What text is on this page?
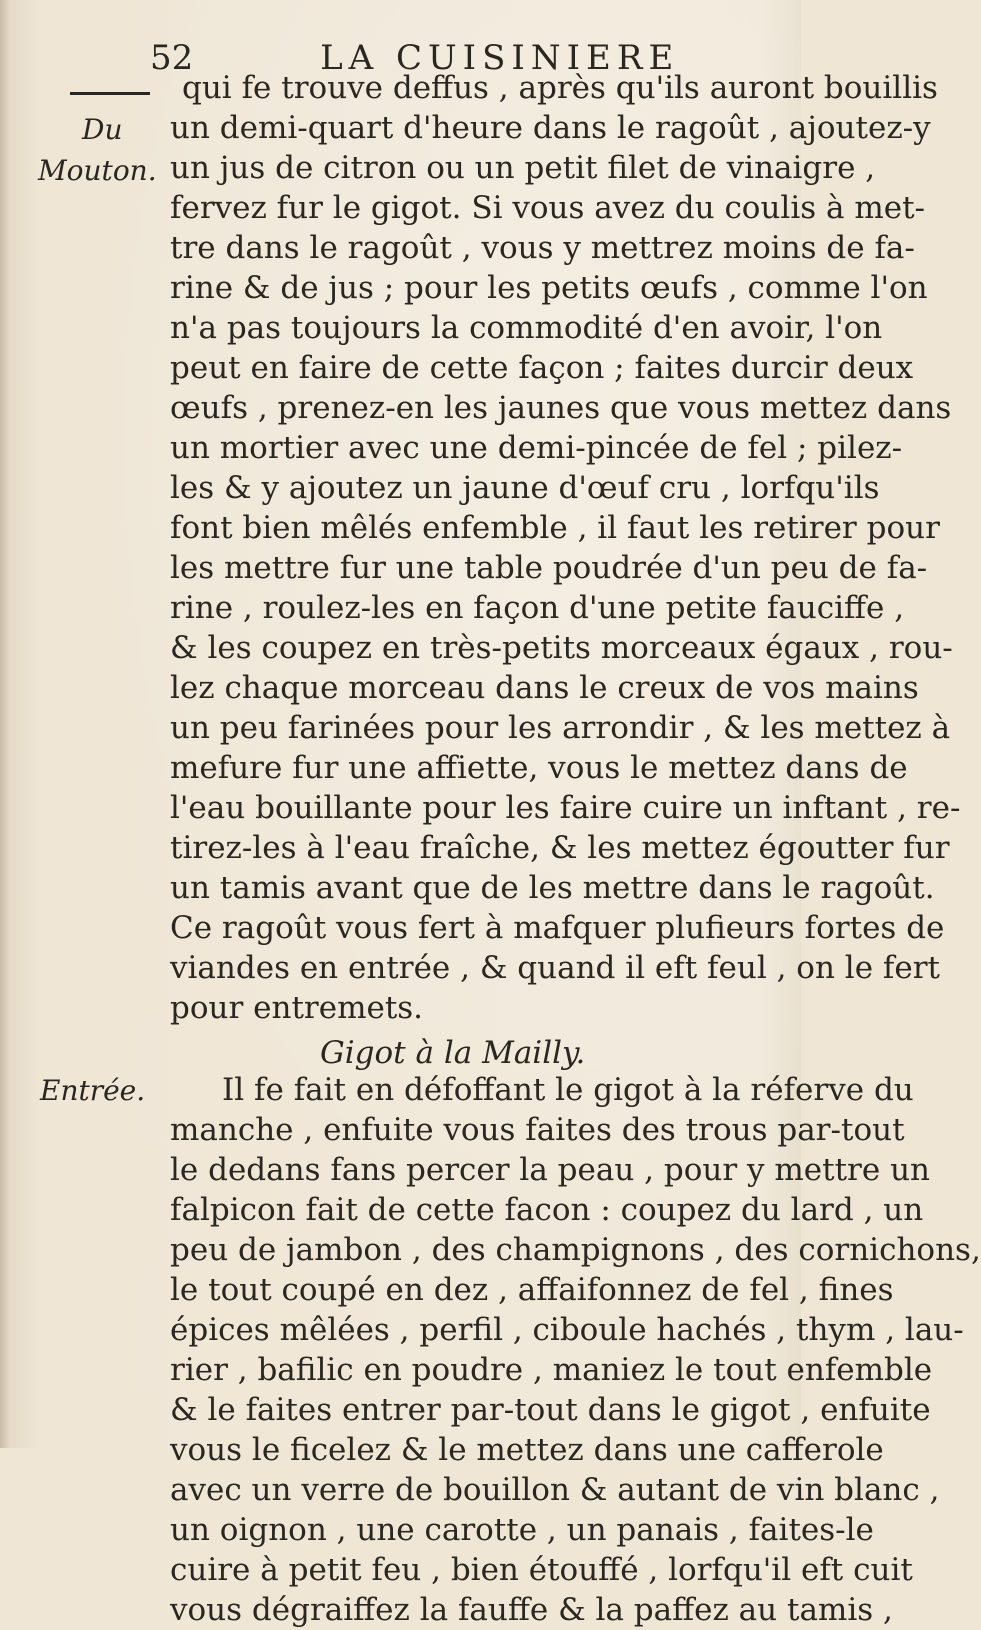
52	LA CUISINIERE
Du
Mouton.
Entrée.
qui fe trouve deffus , après qu'ils auront bouillis
un demi-quart d'heure dans le ragoût , ajoutez-y
un jus de citron ou un petit filet de vinaigre ,
fervez fur le gigot. Si vous avez du coulis à met-
tre dans le ragoût , vous y mettrez moins de fa-
rine & de jus ; pour les petits œufs , comme l'on
n'a pas toujours la commodité d'en avoir, l'on
peut en faire de cette façon ; faites durcir deux
œufs , prenez-en les jaunes que vous mettez dans
un mortier avec une demi-pincée de fel ; pilez-
les & y ajoutez un jaune d'œuf cru , lorfqu'ils
font bien mêlés enfemble , il faut les retirer pour
les mettre fur une table poudrée d'un peu de fa-
rine , roulez-les en façon d'une petite fauciffe ,
& les coupez en très-petits morceaux égaux , rou-
lez chaque morceau dans le creux de vos mains
un peu farinées pour les arrondir , & les mettez à
mefure fur une affiette, vous le mettez dans de
l'eau bouillante pour les faire cuire un inftant , re-
tirez-les à l'eau fraîche, & les mettez égoutter fur
un tamis avant que de les mettre dans le ragoût.
Ce ragoût vous fert à mafquer plufieurs fortes de
viandes en entrée , & quand il eft feul , on le fert
pour entremets.
Gigot à la Mailly.
Il fe fait en défoffant le gigot à la réferve du
manche , enfuite vous faites des trous par-tout
le dedans fans percer la peau , pour y mettre un
falpicon fait de cette facon : coupez du lard , un
peu de jambon , des champignons , des cornichons,
le tout coupé en dez , affaifonnez de fel , fines
épices mêlées , perfil , ciboule hachés , thym , lau-
rier , bafilic en poudre , maniez le tout enfemble
& le faites entrer par-tout dans le gigot , enfuite
vous le ficelez & le mettez dans une cafferole
avec un verre de bouillon & autant de vin blanc ,
un oignon , une carotte , un panais , faites-le
cuire à petit feu , bien étouffé , lorfqu'il eft cuit
vous dégraiffez la fauffe & la paffez au tamis ,
